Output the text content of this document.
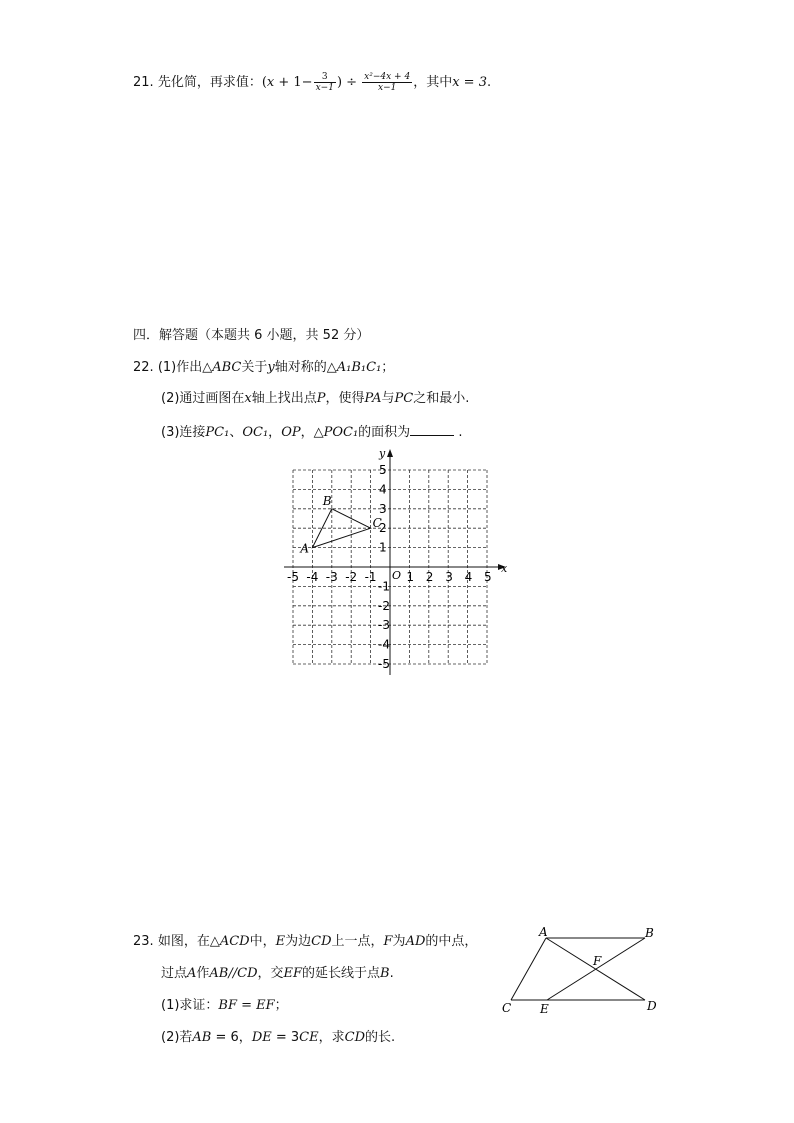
21. 先化简，再求值：($x + 1- \frac{3}{x-1}$ ) ÷ $\frac{\text{x²−4x + 4}}{x-1}$ ，其中x = 3.
四．解答题（本题共 6 小题，共 52 分）
22. (1)作出△ABC关于y轴对称的△A₁B₁C₁；
(2)通过画图在x轴上找出点P，使得PA与PC之和最小.
(3)连接PC₁、OC₁，OP，△POC₁的面积为	.
x
y
O
-5 -4 -3 -2 -1 1 2 3 4 5
5
4
3
2
1
-1
-2
-3
-4
-5
A
B
C
23. 如图，在△ACD中，E为边CD上一点，F为AD的中点，
过点A作AB//CD，交EF的延长线于点B.
(1)求证：BF = EF；
(2)若AB = 6，DE = 3CE，求CD的长.
A	B
F
C E	D
